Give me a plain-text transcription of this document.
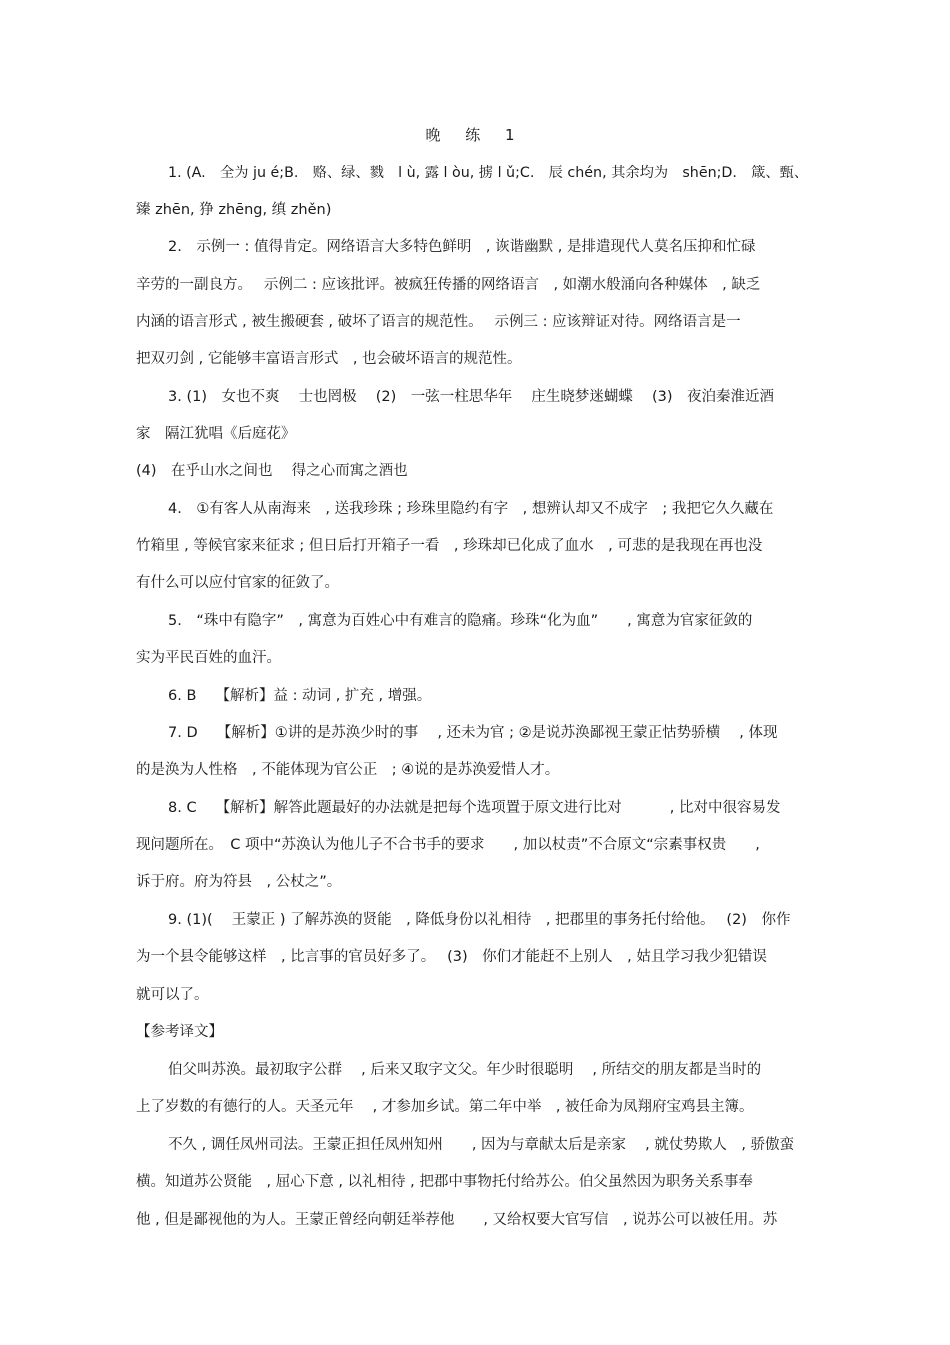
晚 练 1
1. (A.　全为 ju é;B.　赂、绿、戮　l ù, 露 l òu, 掳 l ǔ;C.　辰 chén, 其余均为　shēn;D.　箴、甄、
臻 zhēn, 狰 zhēng, 缜 zhěn)
2.　示例一 : 值得肯定。网络语言大多特色鲜明　, 诙谐幽默 , 是排遣现代人莫名压抑和忙碌
辛劳的一副良方。　 示例二 : 应该批评。被疯狂传播的网络语言　, 如潮水般涌向各种媒体　, 缺乏
内涵的语言形式 , 被生搬硬套 , 破坏了语言的规范性。　 示例三 : 应该辩证对待。网络语言是一
把双刃剑 , 它能够丰富语言形式　, 也会破坏语言的规范性。
3. (1)　女也不爽　 士也罔极　 (2)　一弦一柱思华年　 庄生晓梦迷蝴蝶　 (3)　夜泊秦淮近酒
家　隔江犹唱《后庭花》
(4)　在乎山水之间也　 得之心而寓之酒也
4.　①有客人从南海来　, 送我珍珠 ; 珍珠里隐约有字　, 想辨认却又不成字　; 我把它久久藏在
竹箱里 , 等候官家来征求 ; 但日后打开箱子一看　, 珍珠却已化成了血水　, 可悲的是我现在再也没
有什么可以应付官家的征敛了。
5.　“珠中有隐字”　, 寓意为百姓心中有难言的隐痛。珍珠“化为血”　　, 寓意为官家征敛的
实为平民百姓的血汗。
6. B　 【解析】益 : 动词 , 扩充 , 增强。
7. D　 【解析】①讲的是苏涣少时的事　 , 还未为官 ; ②是说苏涣鄙视王蒙正怙势骄横　 , 体现
的是涣为人性格　, 不能体现为官公正　; ④说的是苏涣爱惜人才。
8. C　 【解析】解答此题最好的办法就是把每个选项置于原文进行比对　　　 , 比对中很容易发
现问题所在。　C 项中“苏涣认为他儿子不合书手的要求　　, 加以杖责”不合原文“宗素事权贵　　,
诉于府。府为符县　, 公杖之”。
9. (1)(　 王蒙正 ) 了解苏涣的贤能　, 降低身份以礼相待　, 把郡里的事务托付给他。　 (2)　你作
为一个县令能够这样　, 比言事的官员好多了。　 (3)　你们才能赶不上别人　, 姑且学习我少犯错误
就可以了。
【参考译文】
伯父叫苏涣。最初取字公群　 , 后来又取字文父。年少时很聪明　 , 所结交的朋友都是当时的
上了岁数的有德行的人。天圣元年　 , 才参加乡试。第二年中举　, 被任命为凤翔府宝鸡县主簿。
不久 , 调任凤州司法。王蒙正担任凤州知州　　, 因为与章献太后是亲家　 , 就仗势欺人　, 骄傲蛮
横。知道苏公贤能　, 屈心下意 , 以礼相待 , 把郡中事物托付给苏公。伯父虽然因为职务关系事奉
他 , 但是鄙视他的为人。王蒙正曾经向朝廷举荐他　　, 又给权要大官写信　, 说苏公可以被任用。苏
